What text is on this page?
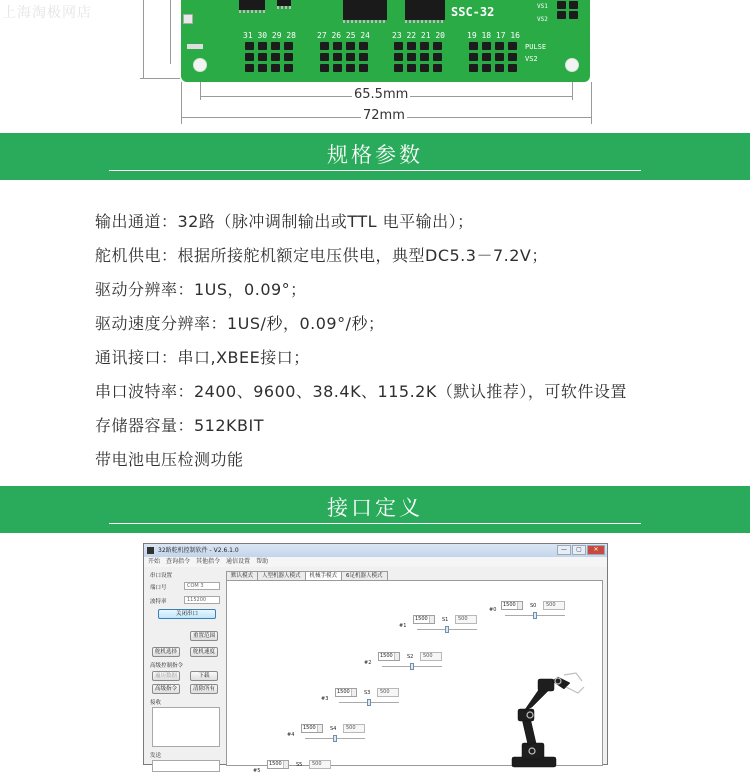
上海淘极网店	SSC-32	VS1
VS2
31 30 29 28	27 26 25 24	23 22 21 20	19 18 17 16
PULSE
VS2
65.5mm
72mm
规格参数
输出通道：32路（脉冲调制输出或TTL 电平输出）；
舵机供电：根据所接舵机额定电压供电，典型DC5.3－7.2V；
驱动分辨率：1US，0.09°；
驱动速度分辨率：1US/秒，0.09°/秒；
通讯接口：串口,XBEE接口；
串口波特率：2400、9600、38.4K、115.2K（默认推荐），可软件设置
存储器容量：512KBIT
带电池电压检测功能
接口定义
32路舵机控制软件 - V2.6.1.0	—	▢	✕
开始 查询指令 其他指令 通信设置 帮助
串口设置
端口号	COM 3
波特率	115200
关闭串口
重置范围
舵机选择	舵机速度
高级控制指令
遍历数据	下载
高级指令	清除所有
接收
发送
默认模式	人型机器人模式	机械手模式	6足机器人模式
#0
1500	S0	500
#1
1500	S1	500
#2
1500	S2	500
#3
1500	S3	500
#4
1500	S4	500
#5
1500	S5	500
